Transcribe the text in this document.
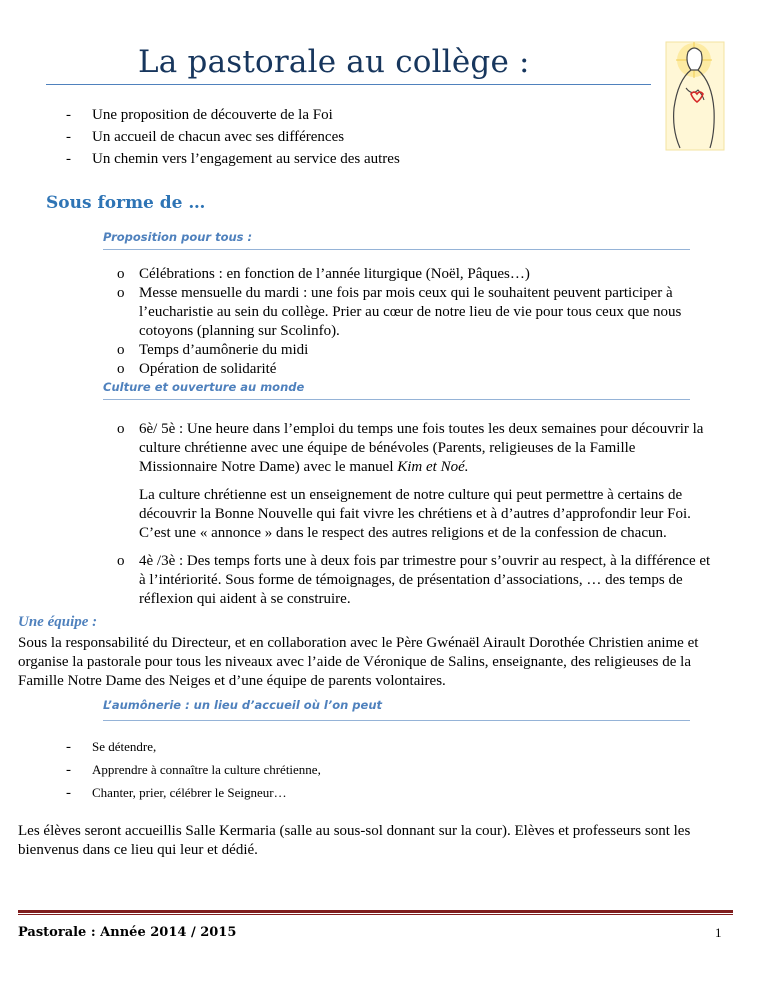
La pastorale au collège :
-	Une proposition de découverte de la Foi
-	Un accueil de chacun avec ses différences
-	Un chemin vers l’engagement au service des autres
Sous forme de …
Proposition pour tous :
o Célébrations : en fonction de l’année liturgique (Noël, Pâques…)
o Messe mensuelle du mardi : une fois par mois ceux qui le souhaitent peuvent participer à l’eucharistie au sein du collège. Prier au cœur de notre lieu de vie pour tous ceux que nous cotoyons (planning sur Scolinfo).
o Temps d’aumônerie du midi
o Opération de solidarité
Culture et ouverture au monde
o 6è/ 5è : Une heure dans l’emploi du temps une fois toutes les deux semaines pour découvrir la culture chrétienne avec une équipe de bénévoles (Parents, religieuses de la Famille Missionnaire Notre Dame) avec le manuel Kim et Noé.
La culture chrétienne est un enseignement de notre culture qui peut permettre à certains de découvrir la Bonne Nouvelle qui fait vivre les chrétiens et à d’autres d’approfondir leur Foi. C’est une « annonce » dans le respect des autres religions et de la confession de chacun.
o 4è /3è : Des temps forts une à deux fois par trimestre pour s’ouvrir au respect, à la différence et à l’intériorité. Sous forme de témoignages, de présentation d’associations, … des temps de réflexion qui aident à se construire.
Une équipe :
Sous la responsabilité du Directeur, et en collaboration avec le Père Gwénaël Airault Dorothée Christien anime et organise la pastorale pour tous les niveaux avec l’aide de Véronique de Salins, enseignante, des religieuses de la Famille Notre Dame des Neiges et d’une équipe de parents volontaires.
L’aumônerie : un lieu d’accueil où l’on peut
-	Se détendre,
-	Apprendre à connaître la culture chrétienne,
-	Chanter, prier, célébrer le Seigneur…
Les élèves seront accueillis Salle Kermaria (salle au sous-sol donnant sur la cour). Elèves et professeurs sont les bienvenus dans ce lieu qui leur et dédié.
Pastorale : Année 2014 / 2015	1
